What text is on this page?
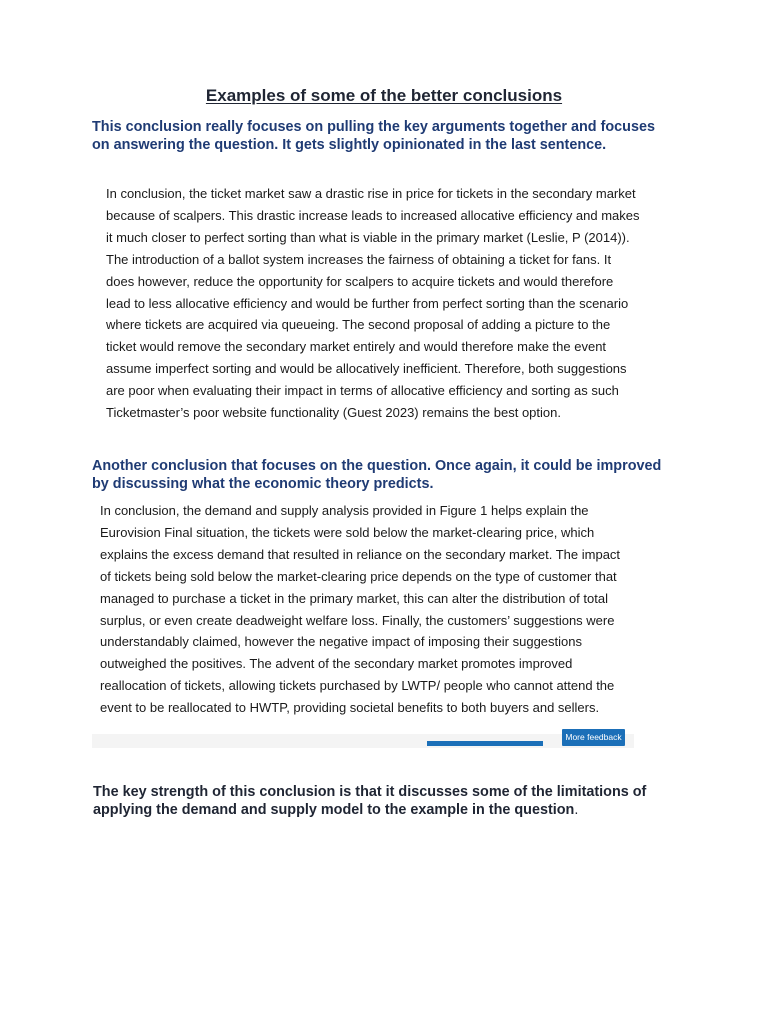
Examples of some of the better conclusions
This conclusion really focuses on pulling the key arguments together and focuses on answering the question. It gets slightly opinionated in the last sentence.
In conclusion, the ticket market saw a drastic rise in price for tickets in the secondary market because of scalpers. This drastic increase leads to increased allocative efficiency and makes it much closer to perfect sorting than what is viable in the primary market (Leslie, P (2014)). The introduction of a ballot system increases the fairness of obtaining a ticket for fans. It does however, reduce the opportunity for scalpers to acquire tickets and would therefore lead to less allocative efficiency and would be further from perfect sorting than the scenario where tickets are acquired via queueing. The second proposal of adding a picture to the ticket would remove the secondary market entirely and would therefore make the event assume imperfect sorting and would be allocatively inefficient. Therefore, both suggestions are poor when evaluating their impact in terms of allocative efficiency and sorting as such Ticketmaster’s poor website functionality (Guest 2023) remains the best option.
Another conclusion that focuses on the question. Once again, it could be improved by discussing what the economic theory predicts.
In conclusion, the demand and supply analysis provided in Figure 1 helps explain the Eurovision Final situation, the tickets were sold below the market-clearing price, which explains the excess demand that resulted in reliance on the secondary market. The impact of tickets being sold below the market-clearing price depends on the type of customer that managed to purchase a ticket in the primary market, this can alter the distribution of total surplus, or even create deadweight welfare loss. Finally, the customers’ suggestions were understandably claimed, however the negative impact of imposing their suggestions outweighed the positives. The advent of the secondary market promotes improved reallocation of tickets, allowing tickets purchased by LWTP/ people who cannot attend the event to be reallocated to HWTP, providing societal benefits to both buyers and sellers.
More feedback
The key strength of this conclusion is that it discusses some of the limitations of applying the demand and supply model to the example in the question.
